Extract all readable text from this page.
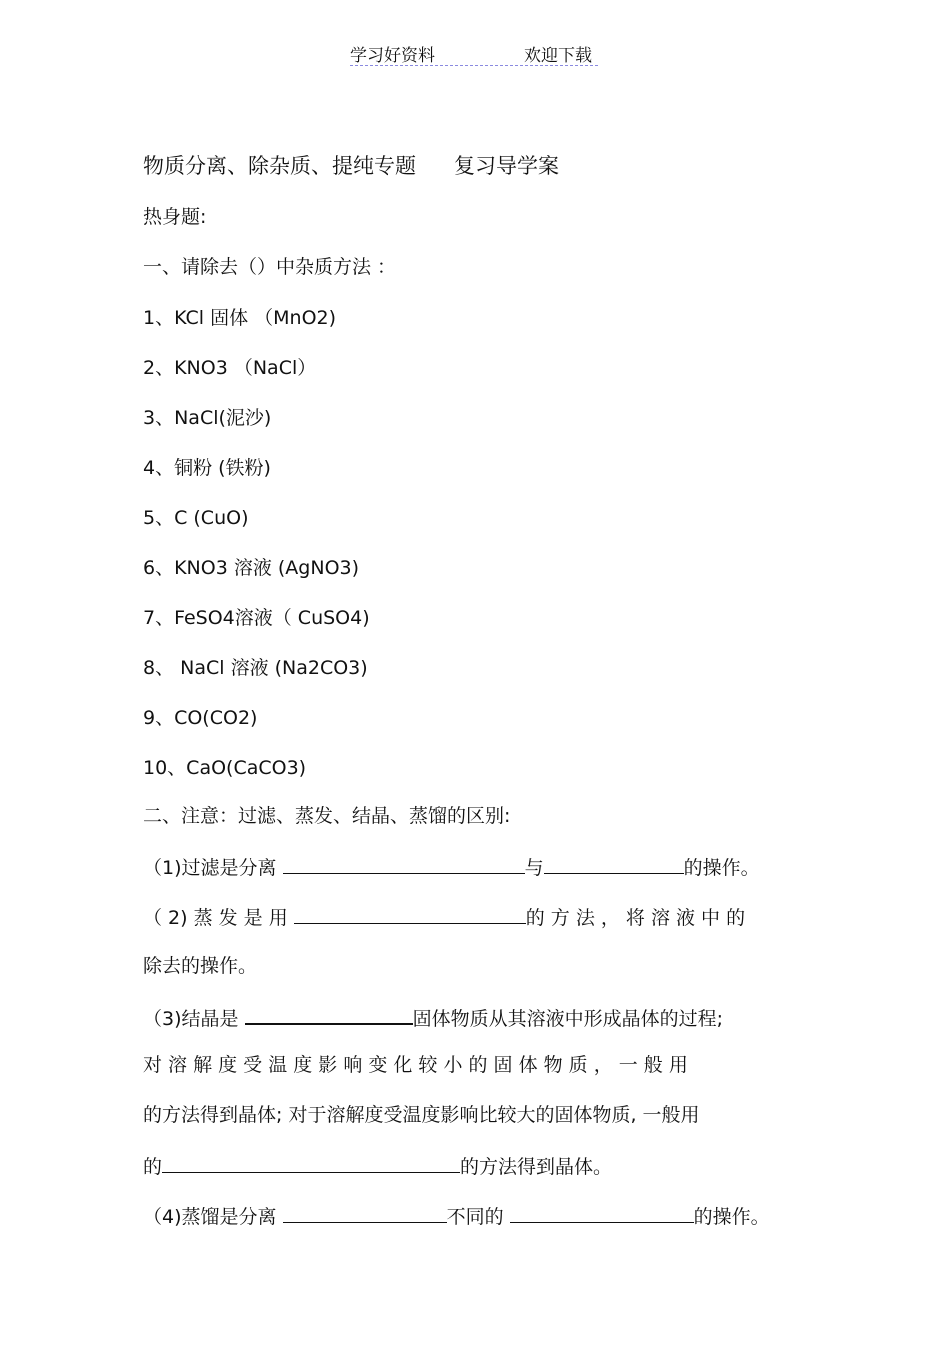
学习好资料	欢迎下载
物质分离、除杂质、提纯专题 复习导学案
热身题:
一、请除去（）中杂质方法 ：
1、KCl 固体 （MnO2)
2、KNO3 （NaCl）
3、NaCl(泥沙)
4、铜粉 (铁粉)
5、C (CuO)
6、KNO3 溶液 (AgNO3)
7、FeSO4溶液（ CuSO4)
8、 NaCl 溶液 (Na2CO3)
9、CO(CO2)
10、CaO(CaCO3)
二、注意：过滤、蒸发、结晶、蒸馏的区别:
（1)过滤是分离	与	的操作。
（ 2) 蒸 发 是 用	的 方 法 ， 将 溶 液 中 的
除去的操作。
（3)结晶是	固体物质从其溶液中形成晶体的过程;
对 溶 解 度 受 温 度 影 响 变 化 较 小 的 固 体 物 质 ， 一 般 用
的方法得到晶体; 对于溶解度受温度影响比较大的固体物质, 一般用
的	的方法得到晶体。
（4)蒸馏是分离	不同的	的操作。
